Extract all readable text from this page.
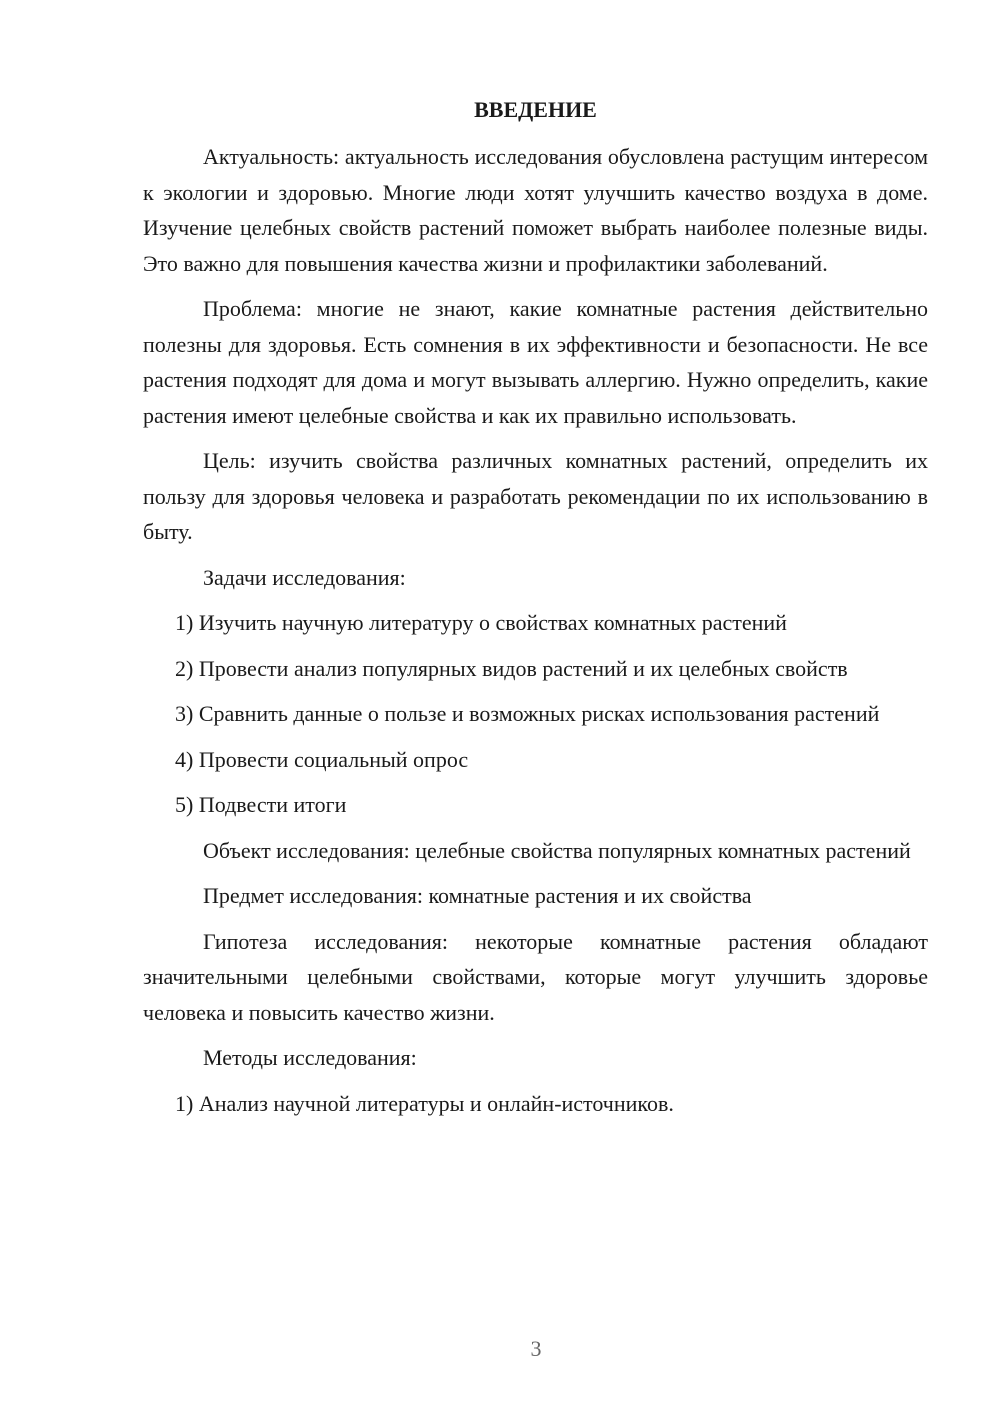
ВВЕДЕНИЕ

Актуальность: актуальность исследования обусловлена растущим интересом к экологии и здоровью. Многие люди хотят улучшить качество воздуха в доме. Изучение целебных свойств растений поможет выбрать наиболее полезные виды. Это важно для повышения качества жизни и профилактики заболеваний.

Проблема: многие не знают, какие комнатные растения действительно полезны для здоровья. Есть сомнения в их эффективности и безопасности. Не все растения подходят для дома и могут вызывать аллергию. Нужно определить, какие растения имеют целебные свойства и как их правильно использовать.

Цель: изучить свойства различных комнатных растений, определить их пользу для здоровья человека и разработать рекомендации по их использованию в быту.

Задачи исследования:

1) Изучить научную литературу о свойствах комнатных растений

2) Провести анализ популярных видов растений и их целебных свойств

3) Сравнить данные о пользе и возможных рисках использования растений

4) Провести социальный опрос

5) Подвести итоги

Объект исследования: целебные свойства популярных комнатных растений

Предмет исследования: комнатные растения и их свойства

Гипотеза исследования: некоторые комнатные растения обладают значительными целебными свойствами, которые могут улучшить здоровье человека и повысить качество жизни.

Методы исследования:

1) Анализ научной литературы и онлайн-источников.

3
